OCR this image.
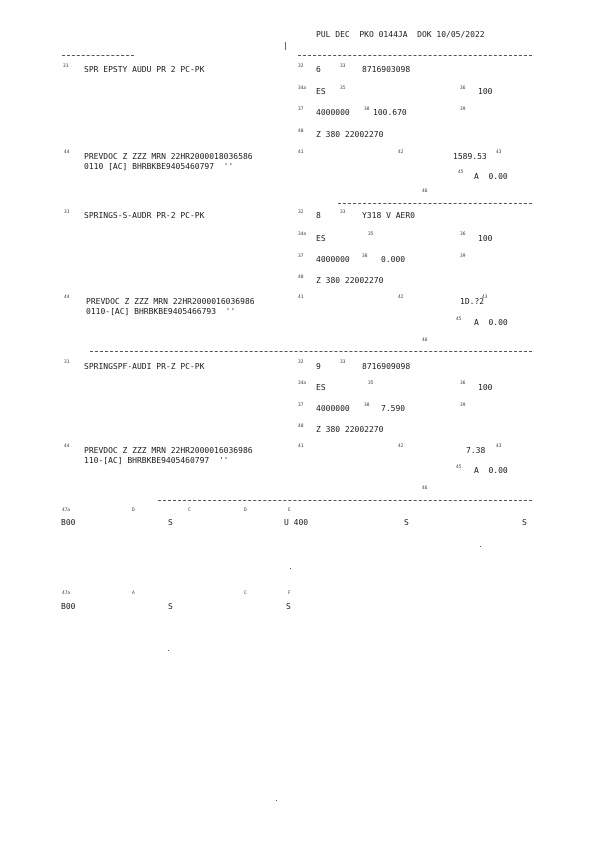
PUL DEC  PKO 0144JA  DOK 10/05/2022
|
31 SPR EPSTY AUDU PR 2 PC-PK	32 6	33 8716903098
34a ES	35	36 100
37 4000000	38 100.670	39
40 Z 380 22002270
44 PREVDOC Z ZZZ MRN 22HR2000018036586
0110 [AC] BHRBKBE9405460797  ''
41	42	1589.53 43
45 A  0.00
46
31 SPRINGS-S-AUDR PR-2 PC-PK	32 8	33 Y318 V AER0
34a ES	35	36 100
37 4000000	38 0.000	39
40 Z 380 22002270
44 PREVDOC Z ZZZ MRN 22HR2000016036986
0110-[AC] BHRBKBE9405466793  ''
41	42	1D.?2
43
45 A  0.00
46
31 SPRINGSPF-AUDI PR-Z PC-PK	32 9	33 8716909098
34a ES	35	36 100
37 4000000	38 7.590	39
40 Z 380 22002270
44 PREVDOC Z ZZZ MRN 22HR2000016036986
110-[AC] BHRBKBE9405460797  ''
41	42	7.38 43
45 A  0.00
46
47a	D	C	D	E
B00	S	U 400	S	S
47a	A	C	F
B00	S	S
